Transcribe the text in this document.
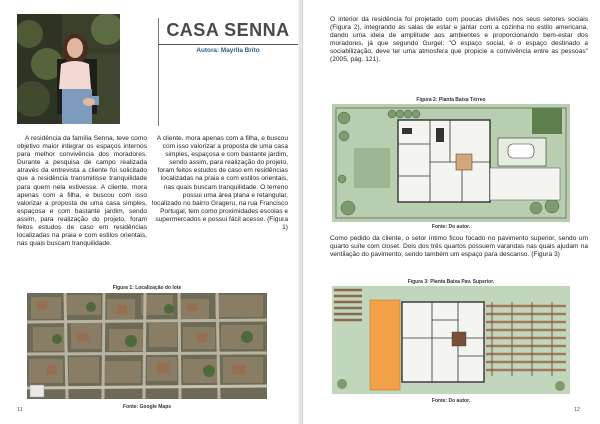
CASA SENNA
Autora: Mayrlla Brito

A residência da família Senna, teve como objetivo maior integrar os espaços internos para melhor convivência dos moradores. Durante a pesquisa de campo realizada através da entrevista a cliente foi solicitado que a residência transmitisse tranquilidade para quem nela estivesse. A cliente, mora apenas com a filha, e buscou com isso valorizar a proposta de uma casa simples, espaçosa e com bastante jardim, sendo assim, para realização do projeto, foram feitos estudos de caso em residências localizadas na praia e com estilos orientais, nas quais buscam tranquilidade.

A cliente, mora apenas com a filha, e buscou com isso valorizar a proposta de uma casa simples, espaçosa e com bastante jardim, sendo assim, para realização do projeto, foram feitos estudos de caso em residências localizadas na praia e com estilos orientais, nas quais buscam tranquilidade. O terreno possui uma área plana e retangular, localizado no bairro Grageru, na rua Francisco Portugal, tem como proximidades escolas e supermercados e possui fácil acesso. (Figura 1)

Figura 1: Localização do lote
Fonte: Google Maps
11

O interior da residência foi projetado com poucas divisões nos seus setores sociais (Figura 2), integrando as salas de estar e jantar com a cozinha no estilo americana, dando uma ideia de amplitude aos ambientes e proporcionando bem-estar dos moradores, já que segundo Gurgel: "O espaço social, é o espaço destinado a sociabilização, deve ter uma atmosfera que propicie a convivência entre as pessoas" (2005, pág. 121).

Figura 2: Planta Baixa Térreo
Fonte: Do autor.

Como pedido da cliente, o setor íntimo ficou focado no pavimento superior, sendo um quarto suíte com closet. Dois dos três quartos possuem varandas nas quais ajudam na ventilação do pavimento, sendo também um espaço para descanso. (Figura 3)

Figura 3: Planta Baixa Pav. Superior.
Fonte: Do autor.
12
